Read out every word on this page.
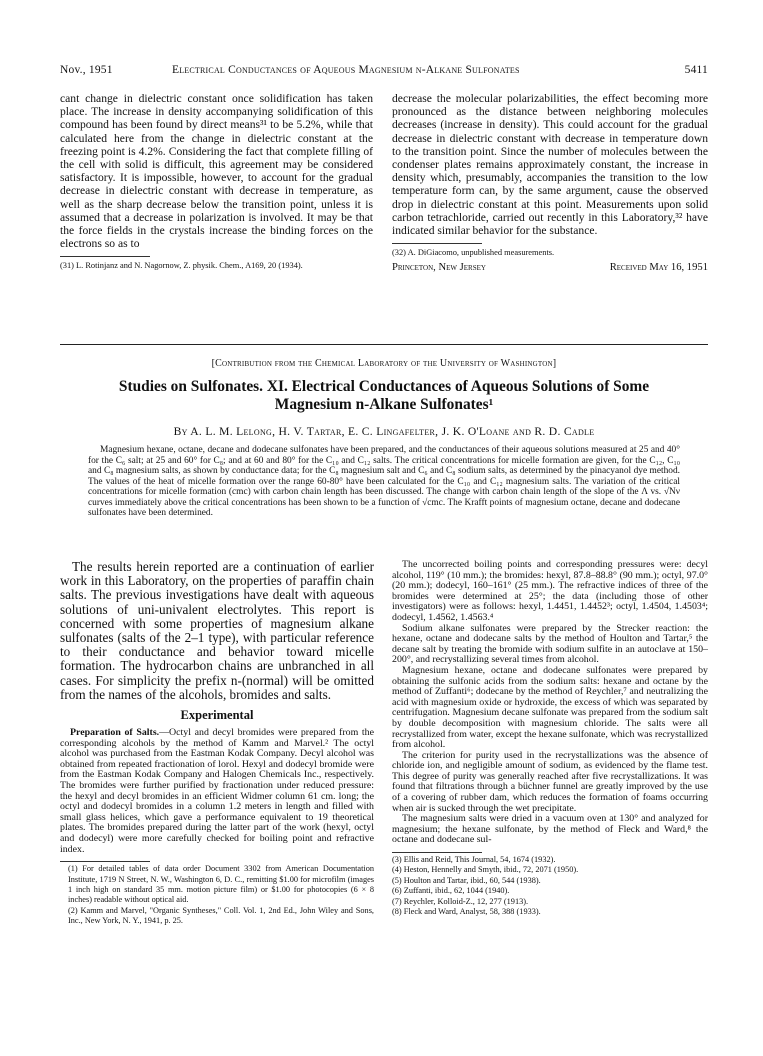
Nov., 1951	Electrical Conductances of Aqueous Magnesium n-Alkane Sulfonates	5411

cant change in dielectric constant once solidification has taken place. The increase in density accompanying solidification of this compound has been found by direct means³¹ to be 5.2%, while that calculated here from the change in dielectric constant at the freezing point is 4.2%. Considering the fact that complete filling of the cell with solid is difficult, this agreement may be considered satisfactory. It is impossible, however, to account for the gradual decrease in dielectric constant with decrease in temperature, as well as the sharp decrease below the transition point, unless it is assumed that a decrease in polarization is involved. It may be that the force fields in the crystals increase the binding forces on the electrons so as to

(31) L. Rotinjanz and N. Nagornow, Z. physik. Chem., A169, 20 (1934).

decrease the molecular polarizabilities, the effect becoming more pronounced as the distance between neighboring molecules decreases (increase in density). This could account for the gradual decrease in dielectric constant with decrease in temperature down to the transition point. Since the number of molecules between the condenser plates remains approximately constant, the increase in density which, presumably, accompanies the transition to the low temperature form can, by the same argument, cause the observed drop in dielectric constant at this point. Measurements upon solid carbon tetrachloride, carried out recently in this Laboratory,³² have indicated similar behavior for the substance.

(32) A. DiGiacomo, unpublished measurements.

Princeton, New Jersey	Received May 16, 1951
[Contribution from the Chemical Laboratory of the University of Washington]
Studies on Sulfonates. XI. Electrical Conductances of Aqueous Solutions of Some
Magnesium n-Alkane Sulfonates¹
By A. L. M. Lelong, H. V. Tartar, E. C. Lingafelter, J. K. O'Loane and R. D. Cadle

Magnesium hexane, octane, decane and dodecane sulfonates have been prepared, and the conductances of their aqueous solutions measured at 25 and 40° for the C₆ salt; at 25 and 60° for C₈; and at 60 and 80° for the C₁₀ and C₁₂ salts. The critical concentrations for micelle formation are given, for the C₁₂, C₁₀ and C₈ magnesium salts, as shown by conductance data; for the C₈ magnesium salt and C₆ and C₈ sodium salts, as determined by the pinacyanol dye method. The values of the heat of micelle formation over the range 60-80° have been calculated for the C₁₀ and C₁₂ magnesium salts. The variation of the critical concentrations for micelle formation (cmc) with carbon chain length has been discussed. The change with carbon chain length of the slope of the Λ vs. √Nν curves immediately above the critical concentrations has been shown to be a function of √cmc. The Krafft points of magnesium octane, decane and dodecane sulfonates have been determined.

The results herein reported are a continuation of earlier work in this Laboratory, on the properties of paraffin chain salts. The previous investigations have dealt with aqueous solutions of uni-univalent electrolytes. This report is concerned with some properties of magnesium alkane sulfonates (salts of the 2–1 type), with particular reference to their conductance and behavior toward micelle formation. The hydrocarbon chains are unbranched in all cases. For simplicity the prefix n-(normal) will be omitted from the names of the alcohols, bromides and salts.

Experimental

Preparation of Salts.—Octyl and decyl bromides were prepared from the corresponding alcohols by the method of Kamm and Marvel.² The octyl alcohol was purchased from the Eastman Kodak Company. Decyl alcohol was obtained from repeated fractionation of lorol. Hexyl and dodecyl bromide were from the Eastman Kodak Company and Halogen Chemicals Inc., respectively. The bromides were further purified by fractionation under reduced pressure: the hexyl and decyl bromides in an efficient Widmer column 61 cm. long; the octyl and dodecyl bromides in a column 1.2 meters in length and filled with small glass helices, which gave a performance equivalent to 19 theoretical plates. The bromides prepared during the latter part of the work (hexyl, octyl and dodecyl) were more carefully checked for boiling point and refractive index.

(1) For detailed tables of data order Document 3302 from American Documentation Institute, 1719 N Street, N. W., Washington 6, D. C., remitting $1.00 for microfilm (images 1 inch high on standard 35 mm. motion picture film) or $1.00 for photocopies (6 × 8 inches) readable without optical aid.
(2) Kamm and Marvel, "Organic Syntheses," Coll. Vol. 1, 2nd Ed., John Wiley and Sons, Inc., New York, N. Y., 1941, p. 25.

The uncorrected boiling points and corresponding pressures were: decyl alcohol, 119° (10 mm.); the bromides: hexyl, 87.8–88.8° (90 mm.); octyl, 97.0° (20 mm.); dodecyl, 160–161° (25 mm.). The refractive indices of three of the bromides were determined at 25°; the data (including those of other investigators) were as follows: hexyl, 1.4451, 1.4452³; octyl, 1.4504, 1.4503⁴; dodecyl, 1.4562, 1.4563.⁴

Sodium alkane sulfonates were prepared by the Strecker reaction: the hexane, octane and dodecane salts by the method of Houlton and Tartar,⁵ the decane salt by treating the bromide with sodium sulfite in an autoclave at 150–200°, and recrystallizing several times from alcohol.

Magnesium hexane, octane and dodecane sulfonates were prepared by obtaining the sulfonic acids from the sodium salts: hexane and octane by the method of Zuffanti⁶; dodecane by the method of Reychler,⁷ and neutralizing the acid with magnesium oxide or hydroxide, the excess of which was separated by centrifugation. Magnesium decane sulfonate was prepared from the sodium salt by double decomposition with magnesium chloride. The salts were all recrystallized from water, except the hexane sulfonate, which was recrystallized from alcohol.

The criterion for purity used in the recrystallizations was the absence of chloride ion, and negligible amount of sodium, as evidenced by the flame test. This degree of purity was generally reached after five recrystallizations. It was found that filtrations through a büchner funnel are greatly improved by the use of a covering of rubber dam, which reduces the formation of foams occurring when air is sucked through the wet precipitate.

The magnesium salts were dried in a vacuum oven at 130° and analyzed for magnesium; the hexane sulfonate, by the method of Fleck and Ward,⁸ the octane and dodecane sul-

(3) Ellis and Reid, This Journal, 54, 1674 (1932).
(4) Heston, Hennelly and Smyth, ibid., 72, 2071 (1950).
(5) Houlton and Tartar, ibid., 60, 544 (1938).
(6) Zuffanti, ibid., 62, 1044 (1940).
(7) Reychler, Kolloid-Z., 12, 277 (1913).
(8) Fleck and Ward, Analyst, 58, 388 (1933).
